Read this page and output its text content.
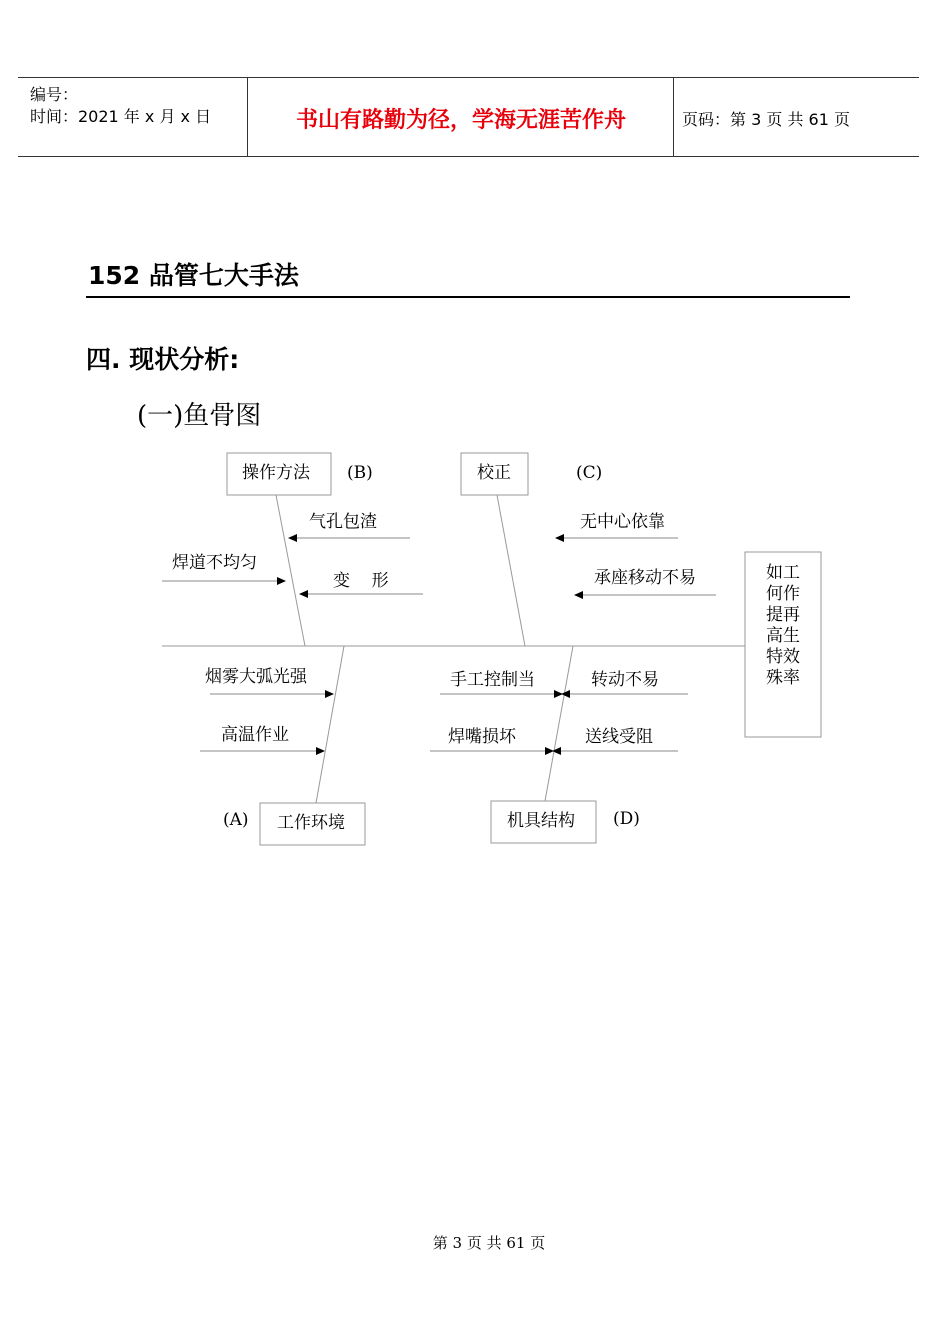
编号：
时间：2021 年 x 月 x 日	书山有路勤为径，学海无涯苦作舟	页码：第 3 页 共 61 页
152 品管七大手法
四. 现状分析:
(一)鱼骨图
操作方法 (B)	校正	(C)
工作环境
(A)	机具结构 (D)
如工
何作
提再
高生
特效
殊率
气孔包渣
焊道不均匀
变    形
无中心依靠
承座移动不易
烟雾大弧光强
高温作业
手工控制当	转动不易
焊嘴损坏	送线受阻
第 3 页 共 61 页
